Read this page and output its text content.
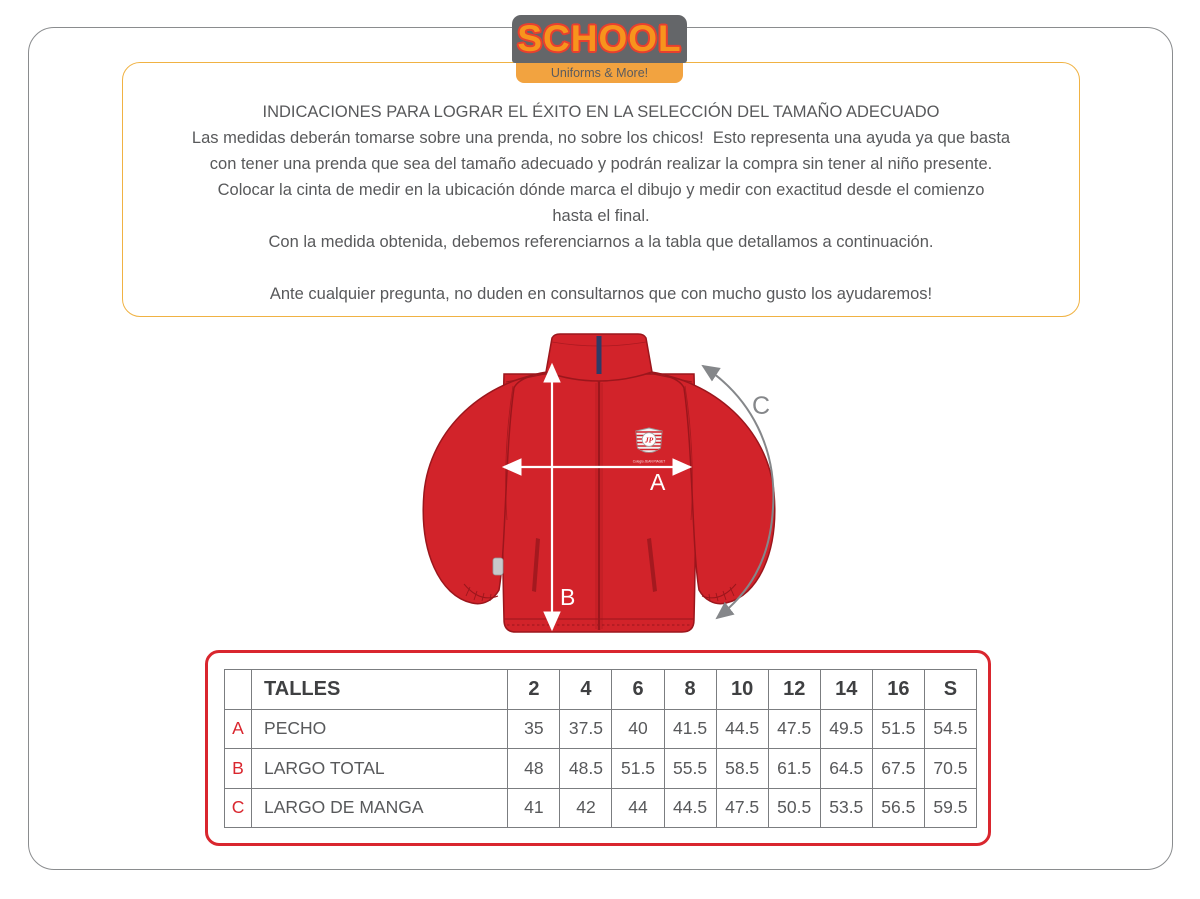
SCHOOL
Uniforms & More!
INDICACIONES PARA LOGRAR EL ÉXITO EN LA SELECCIÓN DEL TAMAÑO ADECUADO
Las medidas deberán tomarse sobre una prenda, no sobre los chicos!  Esto representa una ayuda ya que basta
con tener una prenda que sea del tamaño adecuado y podrán realizar la compra sin tener al niño presente.
Colocar la cinta de medir en la ubicación dónde marca el dibujo y medir con exactitud desde el comienzo
hasta el final.
Con la medida obtenida, debemos referenciarnos a la tabla que detallamos a continuación.
Ante cualquier pregunta, no duden en consultarnos que con mucho gusto los ayudaremos!
JP
Colegio JEAN PIAGET
A
B
C
	TALLES	2	4	6	8	10	12	14	16	S
A	PECHO	35	37.5	40	41.5	44.5	47.5	49.5	51.5	54.5
B	LARGO TOTAL	48	48.5	51.5	55.5	58.5	61.5	64.5	67.5	70.5
C	LARGO DE MANGA	41	42	44	44.5	47.5	50.5	53.5	56.5	59.5
